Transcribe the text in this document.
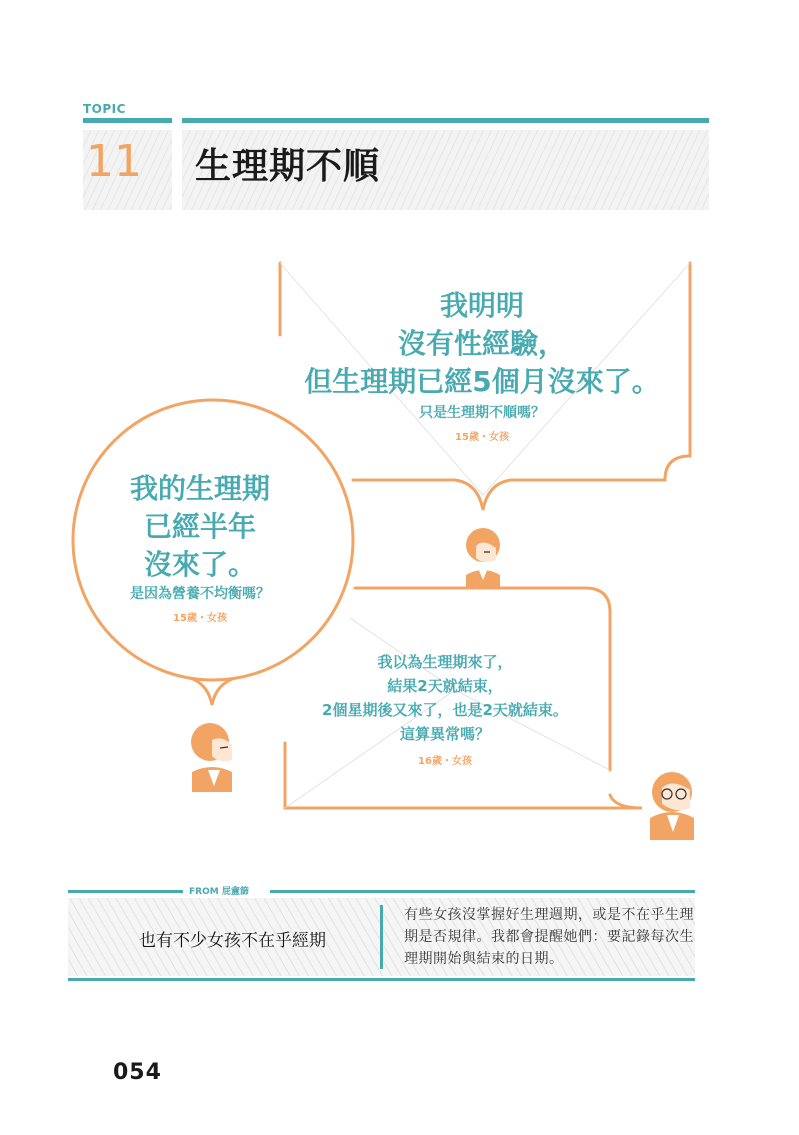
TOPIC
11 生理期不順
我明明
沒有性經驗，
但生理期已經5個月沒來了。
只是生理期不順嗎？
15歲・女孩
我的生理期
已經半年
沒來了。
是因為營養不均衡嗎？
15歲・女孩
我以為生理期來了，
結果2天就結束，
2個星期後又來了，也是2天就結束。
這算異常嗎？
16歲・女孩
FROM 屁盦篩
也有不少女孩不在乎經期
有些女孩沒掌握好生理週期，或是不在乎生理期是否規律。我都會提醒她們：要記錄每次生理期開始與結束的日期。
054
